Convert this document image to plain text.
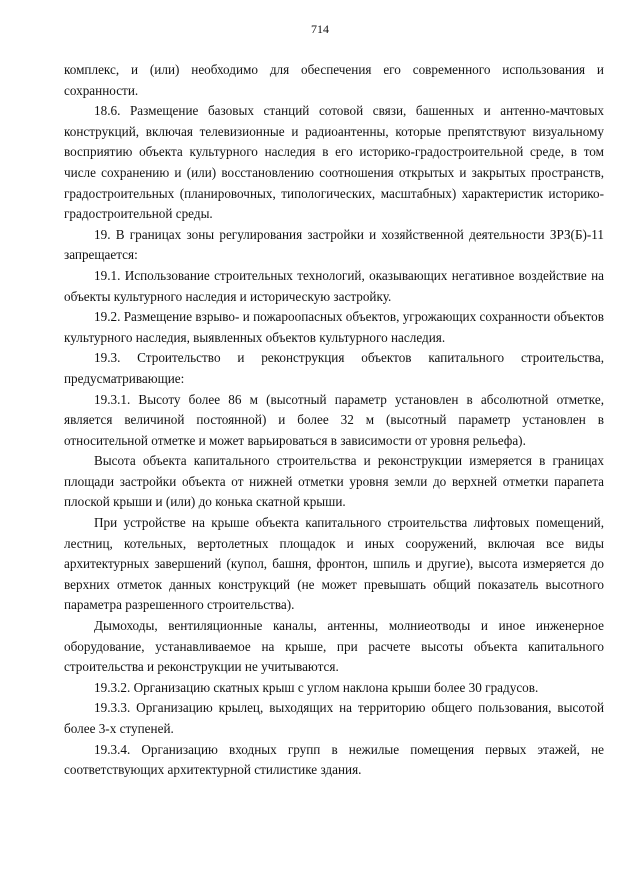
714

комплекс, и (или) необходимо для обеспечения его современного использования и сохранности.

18.6. Размещение базовых станций сотовой связи, башенных и антенно-мачтовых конструкций, включая телевизионные и радиоантенны, которые препятствуют визуальному восприятию объекта культурного наследия в его историко-градостроительной среде, в том числе сохранению и (или) восстановлению соотношения открытых и закрытых пространств, градостроительных (планировочных, типологических, масштабных) характеристик историко-градостроительной среды.

19. В границах зоны регулирования застройки и хозяйственной деятельности ЗРЗ(Б)-11 запрещается:

19.1. Использование строительных технологий, оказывающих негативное воздействие на объекты культурного наследия и историческую застройку.

19.2. Размещение взрыво- и пожароопасных объектов, угрожающих сохранности объектов культурного наследия, выявленных объектов культурного наследия.

19.3. Строительство и реконструкция объектов капитального строительства, предусматривающие:

19.3.1. Высоту более 86 м (высотный параметр установлен в абсолютной отметке, является величиной постоянной) и более 32 м (высотный параметр установлен в относительной отметке и может варьироваться в зависимости от уровня рельефа).

Высота объекта капитального строительства и реконструкции измеряется в границах площади застройки объекта от нижней отметки уровня земли до верхней отметки парапета плоской крыши и (или) до конька скатной крыши.

При устройстве на крыше объекта капитального строительства лифтовых помещений, лестниц, котельных, вертолетных площадок и иных сооружений, включая все виды архитектурных завершений (купол, башня, фронтон, шпиль и другие), высота измеряется до верхних отметок данных конструкций (не может превышать общий показатель высотного параметра разрешенного строительства).

Дымоходы, вентиляционные каналы, антенны, молниеотводы и иное инженерное оборудование, устанавливаемое на крыше, при расчете высоты объекта капитального строительства и реконструкции не учитываются.

19.3.2. Организацию скатных крыш с углом наклона крыши более 30 градусов.

19.3.3. Организацию крылец, выходящих на территорию общего пользования, высотой более 3-х ступеней.

19.3.4. Организацию входных групп в нежилые помещения первых этажей, не соответствующих архитектурной стилистике здания.
